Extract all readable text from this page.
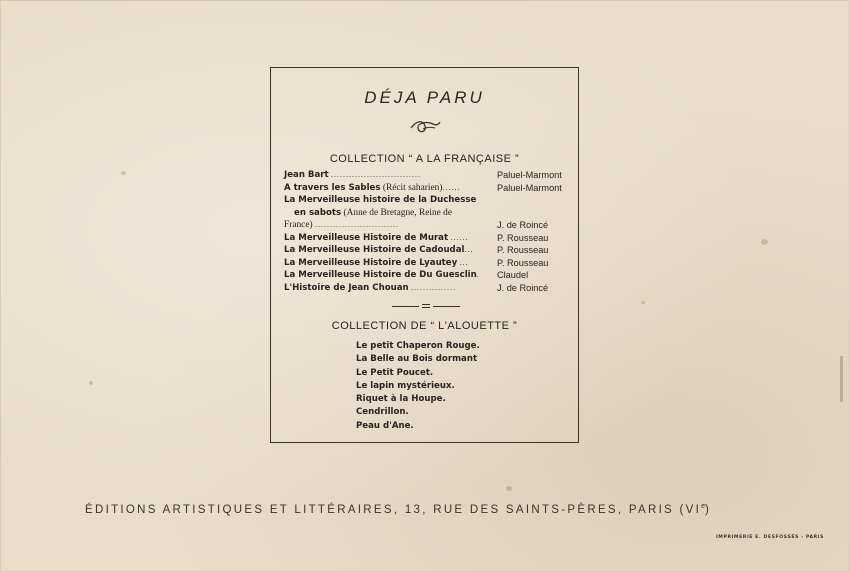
DÉJA PARU
COLLECTION “ A LA FRANÇAISE ”
Jean Bart ..............................	Paluel-Marmont
A travers les Sables (Récit saharien)......	Paluel-Marmont
La Merveilleuse histoire de la Duchesse
en sabots (Anne de Bretagne, Reine de
France) ............................	J. de Roincé
La Merveilleuse Histoire de Murat ......	P. Rousseau
La Merveilleuse Histoire de Cadoudal...	P. Rousseau
La Merveilleuse Histoire de Lyautey ...	P. Rousseau
La Merveilleuse Histoire de Du Guesclin. Claudel
L'Histoire de Jean Chouan ...............	J. de Roincé
COLLECTION DE “ L'ALOUETTE ”
Le petit Chaperon Rouge.
La Belle au Bois dormant
Le Petit Poucet.
Le lapin mystérieux.
Riquet à la Houpe.
Cendrillon.
Peau d'Ane.
ÉDITIONS ARTISTIQUES ET LITTÉRAIRES, 13, RUE DES SAINTS-PÈRES, PARIS (VIe)
IMPRIMERIE E. DESFOSSÉS - PARIS
